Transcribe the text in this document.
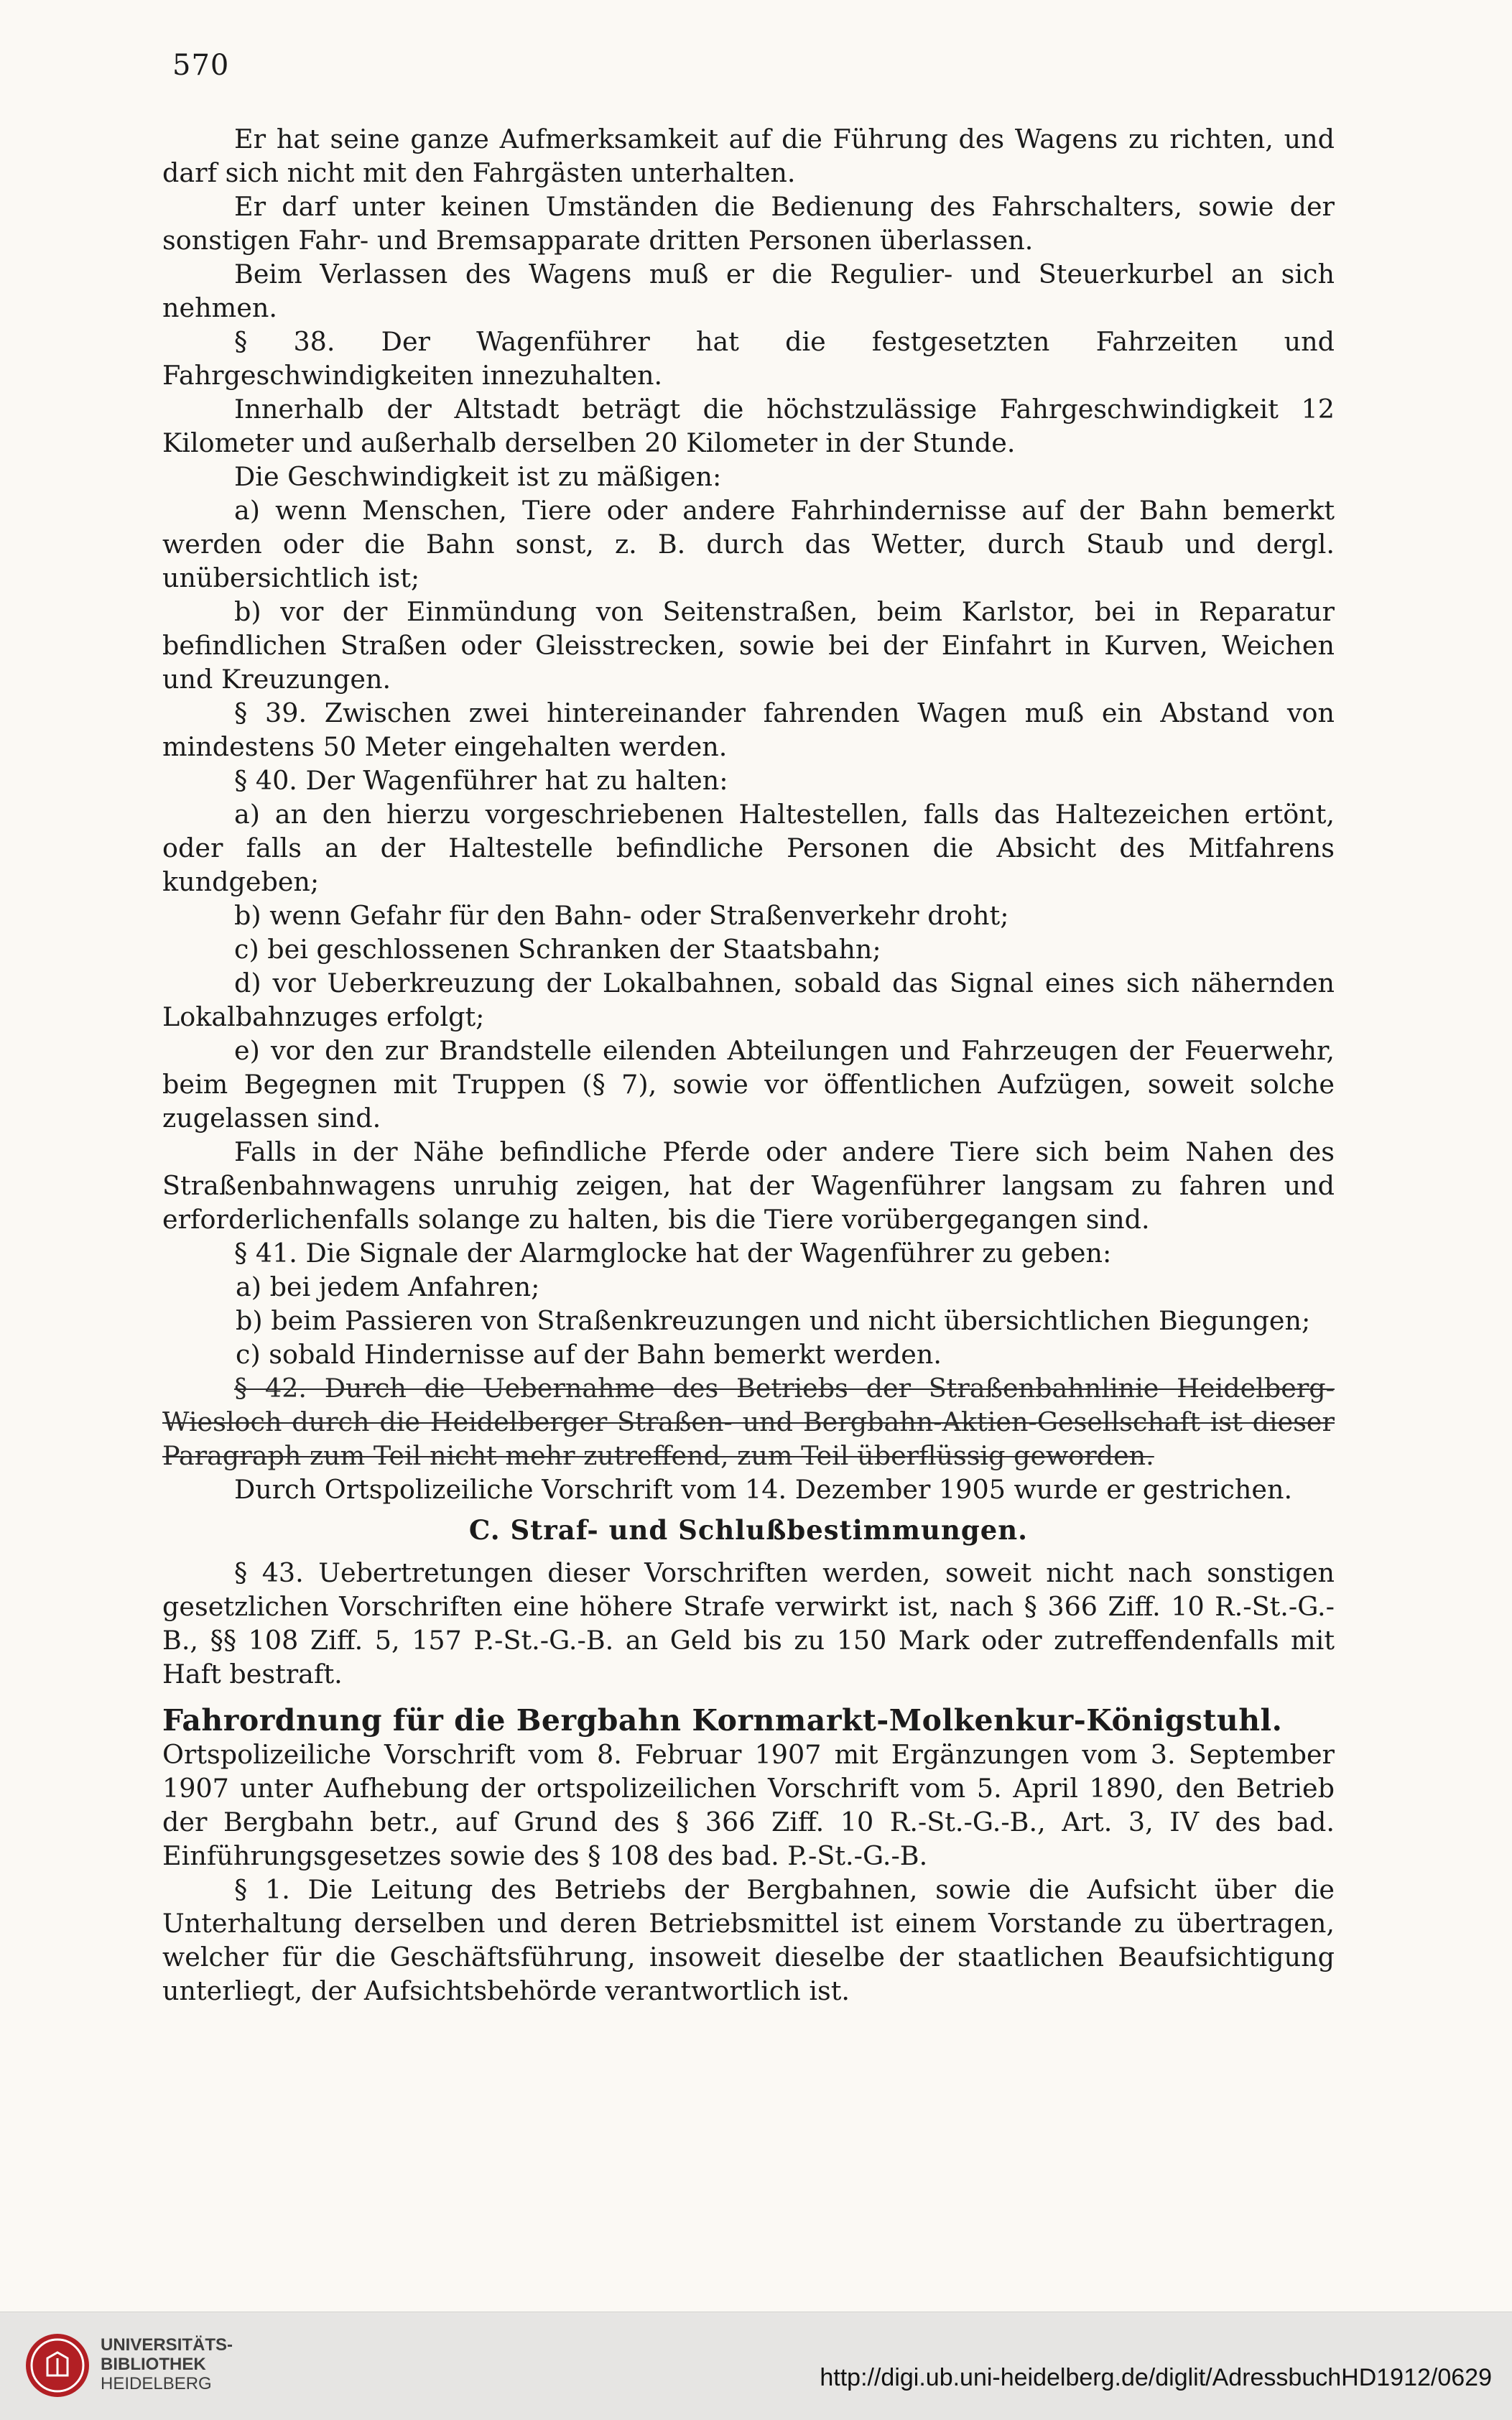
570

Er hat seine ganze Aufmerksamkeit auf die Führung des Wagens zu richten, und darf sich nicht mit den Fahrgästen unterhalten.

Er darf unter keinen Umständen die Bedienung des Fahrschalters, sowie der sonstigen Fahr- und Bremsapparate dritten Personen überlassen.

Beim Verlassen des Wagens muß er die Regulier- und Steuerkurbel an sich nehmen.

§ 38. Der Wagenführer hat die festgesetzten Fahrzeiten und Fahrgeschwindigkeiten innezuhalten.

Innerhalb der Altstadt beträgt die höchstzulässige Fahrgeschwindigkeit 12 Kilometer und außerhalb derselben 20 Kilometer in der Stunde.

Die Geschwindigkeit ist zu mäßigen:

a) wenn Menschen, Tiere oder andere Fahrhindernisse auf der Bahn bemerkt werden oder die Bahn sonst, z. B. durch das Wetter, durch Staub und dergl. unübersichtlich ist;

b) vor der Einmündung von Seitenstraßen, beim Karlstor, bei in Reparatur befindlichen Straßen oder Gleisstrecken, sowie bei der Einfahrt in Kurven, Weichen und Kreuzungen.

§ 39. Zwischen zwei hintereinander fahrenden Wagen muß ein Abstand von mindestens 50 Meter eingehalten werden.

§ 40. Der Wagenführer hat zu halten:

a) an den hierzu vorgeschriebenen Haltestellen, falls das Haltezeichen ertönt, oder falls an der Haltestelle befindliche Personen die Absicht des Mitfahrens kundgeben;

b) wenn Gefahr für den Bahn- oder Straßenverkehr droht;

c) bei geschlossenen Schranken der Staatsbahn;

d) vor Ueberkreuzung der Lokalbahnen, sobald das Signal eines sich nähernden Lokalbahnzuges erfolgt;

e) vor den zur Brandstelle eilenden Abteilungen und Fahrzeugen der Feuerwehr, beim Begegnen mit Truppen (§ 7), sowie vor öffentlichen Aufzügen, soweit solche zugelassen sind.

Falls in der Nähe befindliche Pferde oder andere Tiere sich beim Nahen des Straßenbahnwagens unruhig zeigen, hat der Wagenführer langsam zu fahren und erforderlichenfalls solange zu halten, bis die Tiere vorübergegangen sind.

§ 41. Die Signale der Alarmglocke hat der Wagenführer zu geben:

a) bei jedem Anfahren;

b) beim Passieren von Straßenkreuzungen und nicht übersichtlichen Biegungen;

c) sobald Hindernisse auf der Bahn bemerkt werden.

§ 42. Durch die Uebernahme des Betriebs der Straßenbahnlinie Heidelberg-Wiesloch durch die Heidelberger Straßen- und Bergbahn-Aktien-Gesellschaft ist dieser Paragraph zum Teil nicht mehr zutreffend, zum Teil überflüssig geworden.

Durch Ortspolizeiliche Vorschrift vom 14. Dezember 1905 wurde er gestrichen.

C. Straf- und Schlußbestimmungen.

§ 43. Uebertretungen dieser Vorschriften werden, soweit nicht nach sonstigen gesetzlichen Vorschriften eine höhere Strafe verwirkt ist, nach § 366 Ziff. 10 R.-St.-G.-B., §§ 108 Ziff. 5, 157 P.-St.-G.-B. an Geld bis zu 150 Mark oder zutreffendenfalls mit Haft bestraft.

Fahrordnung für die Bergbahn Kornmarkt-Molkenkur-Königstuhl.

Ortspolizeiliche Vorschrift vom 8. Februar 1907 mit Ergänzungen vom 3. September 1907 unter Aufhebung der ortspolizeilichen Vorschrift vom 5. April 1890, den Betrieb der Bergbahn betr., auf Grund des § 366 Ziff. 10 R.-St.-G.-B., Art. 3, IV des bad. Einführungsgesetzes sowie des § 108 des bad. P.-St.-G.-B.

§ 1. Die Leitung des Betriebs der Bergbahnen, sowie die Aufsicht über die Unterhaltung derselben und deren Betriebsmittel ist einem Vorstande zu übertragen, welcher für die Geschäftsführung, insoweit dieselbe der staatlichen Beaufsichtigung unterliegt, der Aufsichtsbehörde verantwortlich ist.

UNIVERSITÄTS-
BIBLIOTHEK
HEIDELBERG	http://digi.ub.uni-heidelberg.de/diglit/AdressbuchHD1912/0629
